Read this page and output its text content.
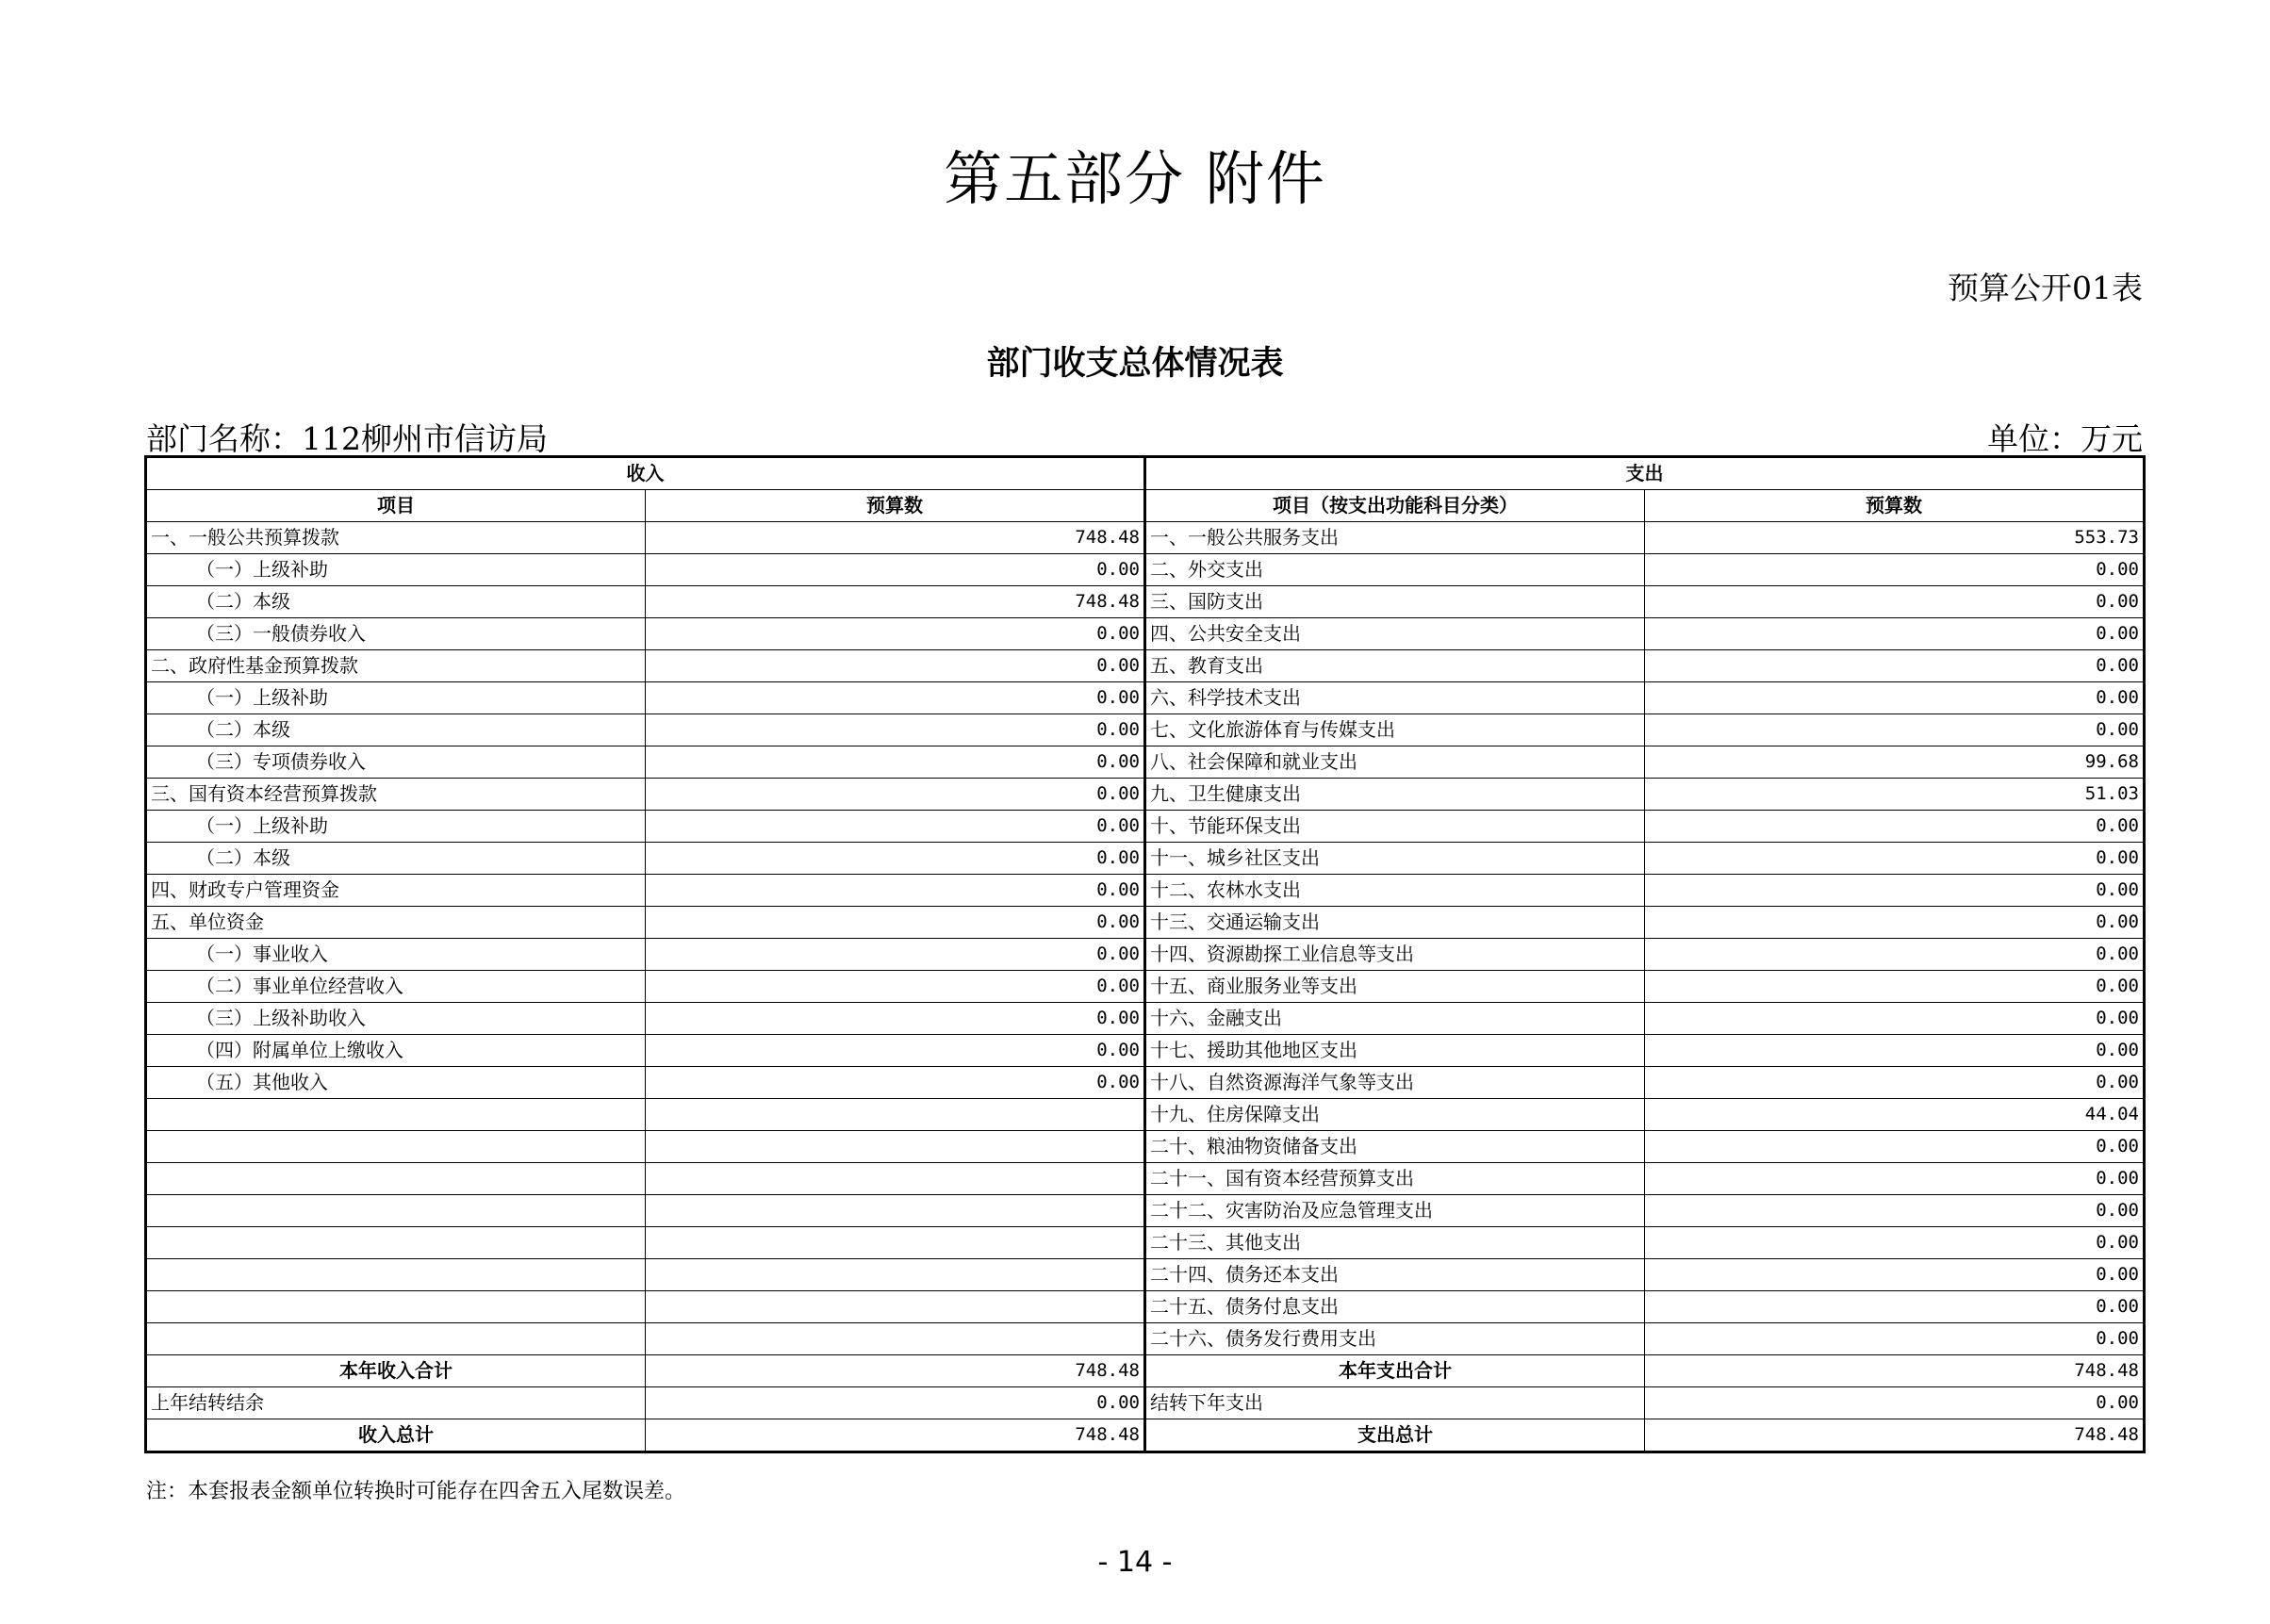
第五部分 附件
预算公开01表
部门收支总体情况表
部门名称：112柳州市信访局	单位：万元
收入		支出	
项目	预算数	项目（按支出功能科目分类）	预算数
一、一般公共预算拨款	748.48	一、一般公共服务支出	553.73
（一）上级补助	0.00	二、外交支出	0.00
（二）本级	748.48	三、国防支出	0.00
（三）一般债券收入	0.00	四、公共安全支出	0.00
二、政府性基金预算拨款	0.00	五、教育支出	0.00
（一）上级补助	0.00	六、科学技术支出	0.00
（二）本级	0.00	七、文化旅游体育与传媒支出	0.00
（三）专项债券收入	0.00	八、社会保障和就业支出	99.68
三、国有资本经营预算拨款	0.00	九、卫生健康支出	51.03
（一）上级补助	0.00	十、节能环保支出	0.00
（二）本级	0.00	十一、城乡社区支出	0.00
四、财政专户管理资金	0.00	十二、农林水支出	0.00
五、单位资金	0.00	十三、交通运输支出	0.00
（一）事业收入	0.00	十四、资源勘探工业信息等支出	0.00
（二）事业单位经营收入	0.00	十五、商业服务业等支出	0.00
（三）上级补助收入	0.00	十六、金融支出	0.00
（四）附属单位上缴收入	0.00	十七、援助其他地区支出	0.00
（五）其他收入	0.00	十八、自然资源海洋气象等支出	0.00
		十九、住房保障支出	44.04
		二十、粮油物资储备支出	0.00
		二十一、国有资本经营预算支出	0.00
		二十二、灾害防治及应急管理支出	0.00
		二十三、其他支出	0.00
		二十四、债务还本支出	0.00
		二十五、债务付息支出	0.00
		二十六、债务发行费用支出	0.00
本年收入合计	748.48	本年支出合计	748.48
上年结转结余	0.00	结转下年支出	0.00
收入总计	748.48	支出总计	748.48
注：本套报表金额单位转换时可能存在四舍五入尾数误差。
- 14 -
